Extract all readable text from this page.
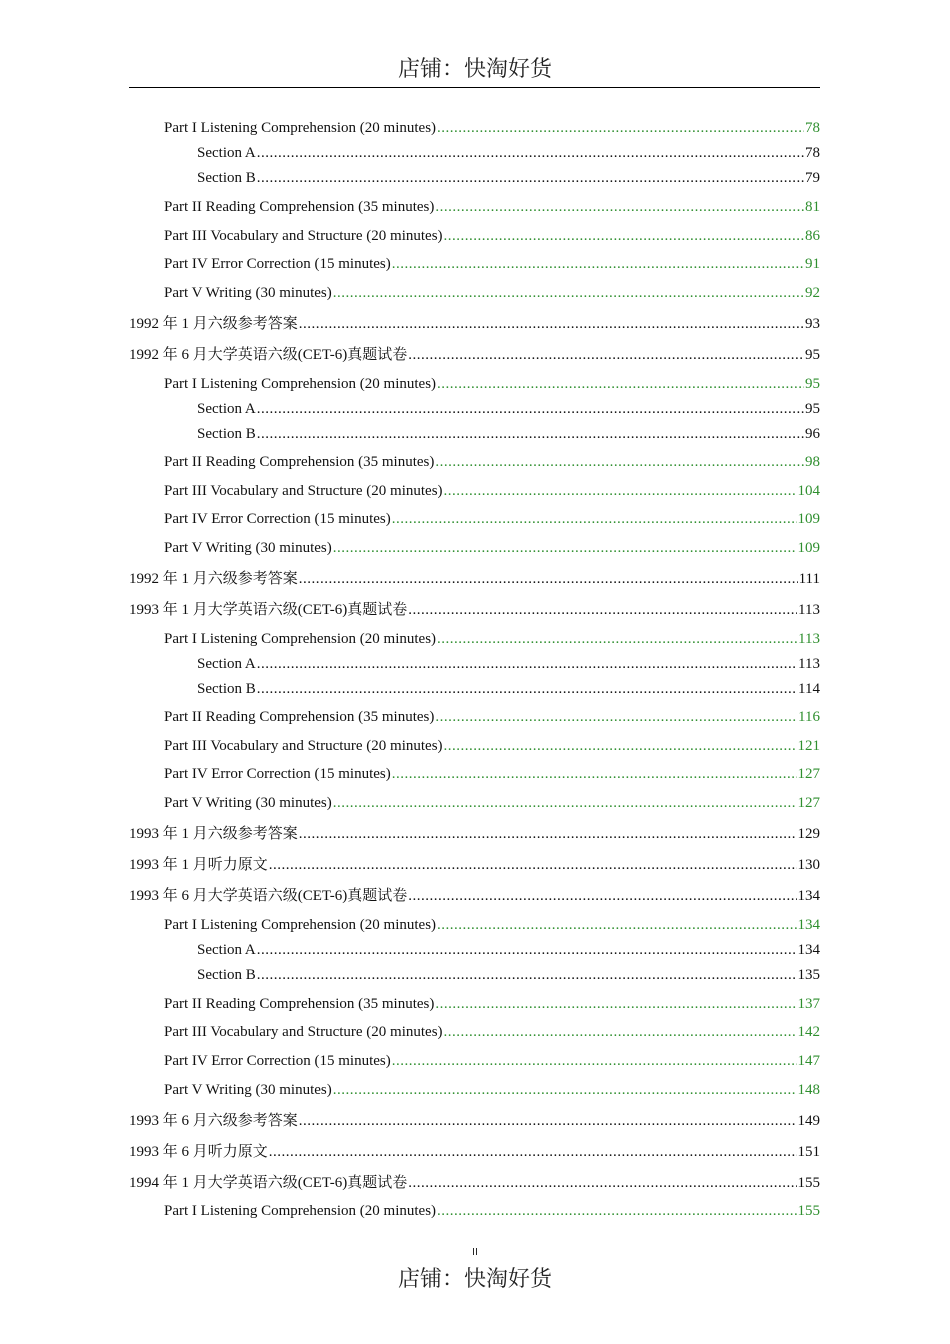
店铺：快淘好货
Part I Listening Comprehension (20 minutes) .....	78
Section A .....	78
Section B .....	79
Part II Reading Comprehension (35 minutes) .....	81
Part III Vocabulary and Structure (20 minutes) .....	86
Part IV Error Correction (15 minutes) .....	91
Part V Writing (30 minutes) .....	92
1992 年 1 月六级参考答案 .....	93
1992 年 6 月大学英语六级(CET-6)真题试卷 .....	95
Part I Listening Comprehension (20 minutes) .....	95
Section A .....	95
Section B .....	96
Part II Reading Comprehension (35 minutes) .....	98
Part III Vocabulary and Structure (20 minutes) .....	104
Part IV Error Correction (15 minutes) .....	109
Part V Writing (30 minutes) .....	109
1992 年 1 月六级参考答案 .....	111
1993 年 1 月大学英语六级(CET-6)真题试卷 .....	113
Part I Listening Comprehension (20 minutes) .....	113
Section A .....	113
Section B .....	114
Part II Reading Comprehension (35 minutes) .....	116
Part III Vocabulary and Structure (20 minutes) .....	121
Part IV Error Correction (15 minutes) .....	127
Part V Writing (30 minutes) .....	127
1993 年 1 月六级参考答案 .....	129
1993 年 1 月听力原文 .....	130
1993 年 6 月大学英语六级(CET-6)真题试卷 .....	134
Part I Listening Comprehension (20 minutes) .....	134
Section A .....	134
Section B .....	135
Part II Reading Comprehension (35 minutes) .....	137
Part III Vocabulary and Structure (20 minutes) .....	142
Part IV Error Correction (15 minutes) .....	147
Part V Writing (30 minutes) .....	148
1993 年 6 月六级参考答案 .....	149
1993 年 6 月听力原文 .....	151
1994 年 1 月大学英语六级(CET-6)真题试卷 .....	155
Part I Listening Comprehension (20 minutes) .....	155
II
店铺：快淘好货
